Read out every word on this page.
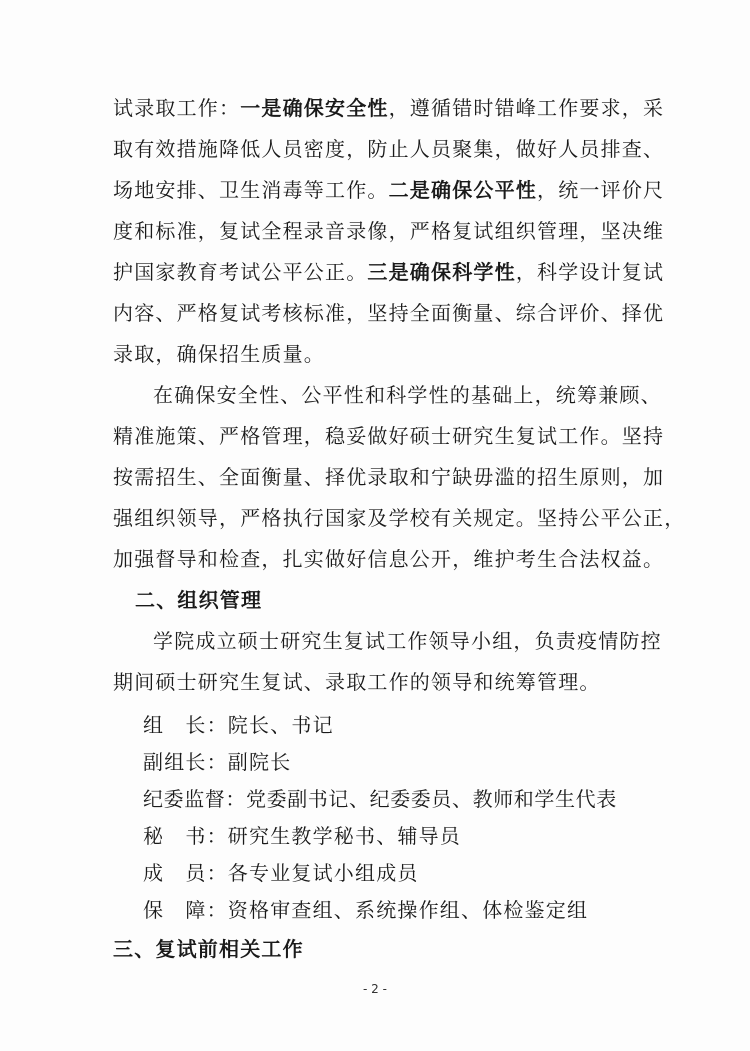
试录取工作：一是确保安全性，遵循错时错峰工作要求，采
取有效措施降低人员密度，防止人员聚集，做好人员排查、
场地安排、卫生消毒等工作。二是确保公平性，统一评价尺
度和标准，复试全程录音录像，严格复试组织管理，坚决维
护国家教育考试公平公正。三是确保科学性，科学设计复试
内容、严格复试考核标准，坚持全面衡量、综合评价、择优
录取，确保招生质量。
在确保安全性、公平性和科学性的基础上，统筹兼顾、
精准施策、严格管理，稳妥做好硕士研究生复试工作。坚持
按需招生、全面衡量、择优录取和宁缺毋滥的招生原则，加
强组织领导，严格执行国家及学校有关规定。坚持公平公正，
加强督导和检查，扎实做好信息公开，维护考生合法权益。
二、组织管理
学院成立硕士研究生复试工作领导小组，负责疫情防控
期间硕士研究生复试、录取工作的领导和统筹管理。
组　长：院长、书记
副组长：副院长
纪委监督：党委副书记、纪委委员、教师和学生代表
秘　书：研究生教学秘书、辅导员
成　员：各专业复试小组成员
保　障：资格审查组、系统操作组、体检鉴定组
三、复试前相关工作
- 2 -
